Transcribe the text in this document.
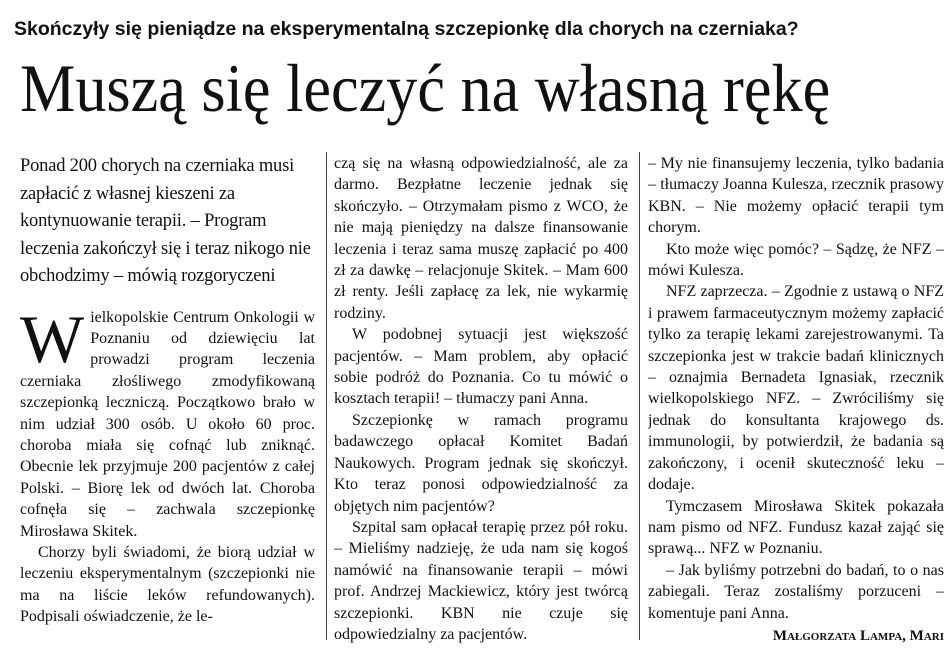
Skończyły się pieniądze na eksperymentalną szczepionkę dla chorych na czerniaka?
Muszą się leczyć na własną rękę

Ponad 200 chorych na czerniaka musi zapłacić z własnej kieszeni za kontynuowanie terapii. – Program leczenia zakończył się i teraz nikogo nie obchodzimy – mówią rozgoryczeni

Wielkopolskie Centrum Onkologii w Poznaniu od dziewięciu lat prowadzi program leczenia czerniaka złośliwego zmodyfikowaną szczepionką leczniczą. Początkowo brało w nim udział 300 osób. U około 60 proc. choroba miała się cofnąć lub zniknąć. Obecnie lek przyjmuje 200 pacjentów z całej Polski. – Biorę lek od dwóch lat. Choroba cofnęła się – zachwala szczepionkę Mirosława Skitek.

Chorzy byli świadomi, że biorą udział w leczeniu eksperymentalnym (szczepionki nie ma na liście leków refundowanych). Podpisali oświadczenie, że le-

czą się na własną odpowiedzialność, ale za darmo. Bezpłatne leczenie jednak się skończyło. – Otrzymałam pismo z WCO, że nie mają pieniędzy na dalsze finansowanie leczenia i teraz sama muszę zapłacić po 400 zł za dawkę – relacjonuje Skitek. – Mam 600 zł renty. Jeśli zapłacę za lek, nie wykarmię rodziny.

W podobnej sytuacji jest większość pacjentów. – Mam problem, aby opłacić sobie podróż do Poznania. Co tu mówić o kosztach terapii! – tłumaczy pani Anna.

Szczepionkę w ramach programu badawczego opłacał Komitet Badań Naukowych. Program jednak się skończył. Kto teraz ponosi odpowiedzialność za objętych nim pacjentów?

Szpital sam opłacał terapię przez pół roku. – Mieliśmy nadzieję, że uda nam się kogoś namówić na finansowanie terapii – mówi prof. Andrzej Mackiewicz, który jest twórcą szczepionki. KBN nie czuje się odpowiedzialny za pacjentów.

– My nie finansujemy leczenia, tylko badania – tłumaczy Joanna Kulesza, rzecznik prasowy KBN. – Nie możemy opłacić terapii tym chorym.

Kto może więc pomóc? – Sądzę, że NFZ – mówi Kulesza.

NFZ zaprzecza. – Zgodnie z ustawą o NFZ i prawem farmaceutycznym możemy zapłacić tylko za terapię lekami zarejestrowanymi. Ta szczepionka jest w trakcie badań klinicznych – oznajmia Bernadeta Ignasiak, rzecznik wielkopolskiego NFZ. – Zwróciliśmy się jednak do konsultanta krajowego ds. immunologii, by potwierdził, że badania są zakończony, i ocenił skuteczność leku – dodaje.

Tymczasem Mirosława Skitek pokazała nam pismo od NFZ. Fundusz kazał zająć się sprawą... NFZ w Poznaniu.

– Jak byliśmy potrzebni do badań, to o nas zabiegali. Teraz zostaliśmy porzuceni – komentuje pani Anna.

Małgorzata Lampa, Mari
